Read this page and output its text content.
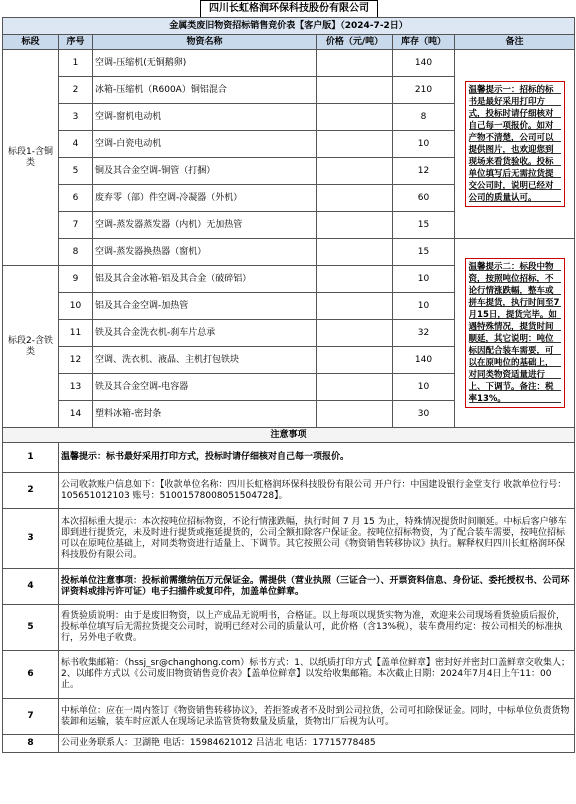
四川长虹格润环保科技股份有限公司
金属类废旧物资招标销售竞价表【客户版】（2024-7-2日）					
标段	序号	物资名称	价格（元/吨）	库存（吨）	备注
标段1-含铜类	1	空调-压缩机(无铜鹅卵)		140	温馨提示一：招标的标书是最好采用打印方式，投标时请仔细核对自己每一项报价。如对产物不清楚，公司可以提供图片，也欢迎您到现场来看货验收。投标单位填写后无需拉货提交公司时，说明已经对公司的质量认可。

	2	冰箱-压缩机（R600A）铜铝混合		210	
	3	空调-窗机电动机		8	
	4	空调-白瓷电动机		10	
	5	铜及其合金空调-铜管（打捆）		12	
	6	废弃零（部）件空调-冷凝器（外机）		60	
	7	空调-蒸发器蒸发器（内机）无加热管		15	
	8	空调-蒸发器换热器（窗机）		15	温馨提示二：标段中物资，按照吨位招标，不论行情涨跌幅，整车或拼车提货，执行时间至7月15日，提货完毕。如遇特殊情况，提货时间顺延，其它说明：吨位标因配合装车需要，可以在原吨位的基础上，对同类物资适量进行上、下调节。备注：税率13%。

标段2-含铁类	9	铝及其合金冰箱-铝及其合金（破碎铝）		10	
	10	铝及其合金空调-加热管		10	
	11	铁及其合金洗衣机-刹车片总承		32	
	12	空调、洗衣机、液晶、主机打包铁块		140	
	13	铁及其合金空调-电容器		10	
	14	塑料冰箱-密封条		30	
注意事项					
1	温馨提示：标书最好采用打印方式，投标时请仔细核对自己每一项报价。				
2	公司收款账户信息如下：【收款单位名称：四川长虹格润环保科技股份有限公司 开户行：中国建设银行金堂支行 收款单位行号：105651012103 账号：51001578008051504728】。				
3	本次招标重大提示：本次按吨位招标物资，不论行情涨跌幅，执行时间 7 月 15 为止，特殊情况提货时间顺延。中标后客户够车即到进行提货完，未及时进行提货或拖延提货的，公司全额扣除客户保证金。按吨位招标物资，为了配合装车需要，按吨位招标可以在原吨位基础上，对同类物资进行适量上、下调节。其它按照公司《物资销售转移协议》执行。解释权归四川长虹格润环保科技股份有限公司。				
4	投标单位注意事项：投标前需缴纳伍万元保证金。需提供（营业执照（三证合一）、开票资料信息、身份证、委托授权书、公司环评资料或排污许可证）电子扫描件或复印件，加盖单位鲜章。				
5	看货验质说明：由于是废旧物资，以上产成品无说明书，合格证。以上每项以现货实物为准，欢迎来公司现场看货验质后报价，投标单位填写后无需拉货提交公司时，说明已经对公司的质量认可，此价格（含13%税），装车费用约定：按公司相关的标准执行，另外电子收费。				
6	标书收集邮箱：（hssj_sr@changhong.com）标书方式：1、以纸质打印方式【盖单位鲜章】密封好并密封口盖鲜章交收集人；2、以邮件方式以《公司废旧物资销售竞价表》【盖单位鲜章】以发给收集邮箱。本次截止日期：2024年7月4日上午11：00 止。				
7	中标单位：应在一周内签订《物资销售转移协议》，若拒签或者不及时到公司拉货，公司可扣除保证金。同时，中标单位负责货物装卸和运输，装车时应派人在现场记录监管货物数量及质量，货物出厂后视为认可。				
8	公司业务联系人：卫湖艳 电话：15984621012 吕洁北 电话：17715778485				
